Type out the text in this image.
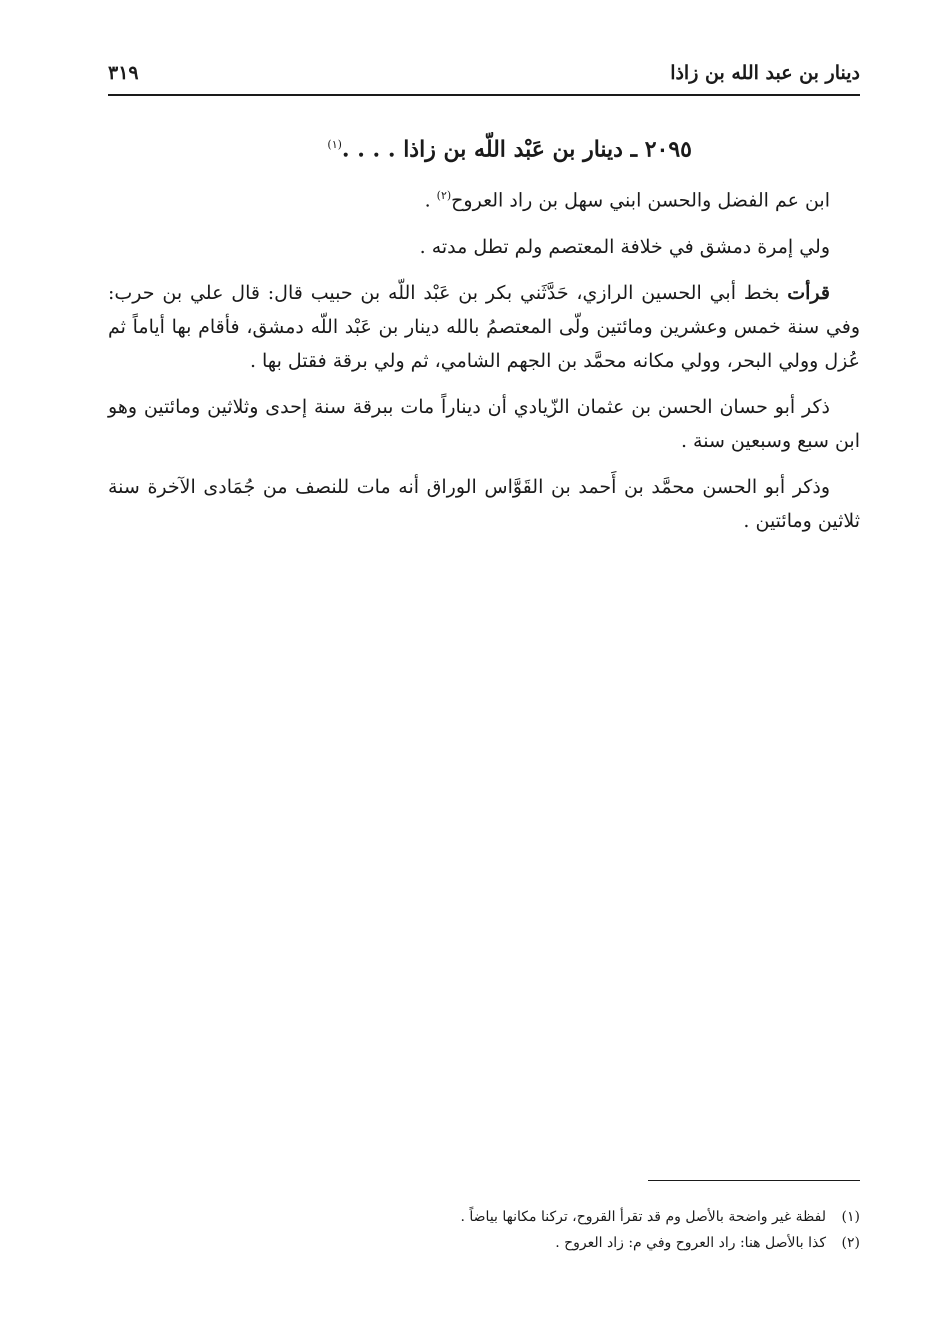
دينار بن عبد الله بن زاذا
٣١٩
٢٠٩٥ ـ دينار بن عَبْد اللّه بن زاذا . . . .$^{(١)}$

ابن عم الفضل والحسن ابني سهل بن راد العروح$^{(٢)}$ .

ولي إمرة دمشق في خلافة المعتصم ولم تطل مدته .

قرأت بخط أبي الحسين الرازي، حَدَّثَني بكر بن عَبْد اللّه بن حبيب قال: قال علي بن حرب: وفي سنة خمس وعشرين ومائتين ولّى المعتصمُ بالله دينار بن عَبْد اللّه دمشق، فأقام بها أياماً ثم عُزل وولي البحر، وولي مكانه محمَّد بن الجهم الشامي، ثم ولي برقة فقتل بها .

ذكر أبو حسان الحسن بن عثمان الزّيادي أن ديناراً مات ببرقة سنة إحدى وثلاثين ومائتين وهو ابن سبع وسبعين سنة .

وذكر أبو الحسن محمَّد بن أَحمد بن القَوَّاس الوراق أنه مات للنصف من جُمَادى الآخرة سنة ثلاثين ومائتين .

(١)لفظة غير واضحة بالأصل وم قد تقرأ القروح، تركنا مكانها بياضاً .
(٢)كذا بالأصل هنا: راد العروح وفي م: زاد العروح .
